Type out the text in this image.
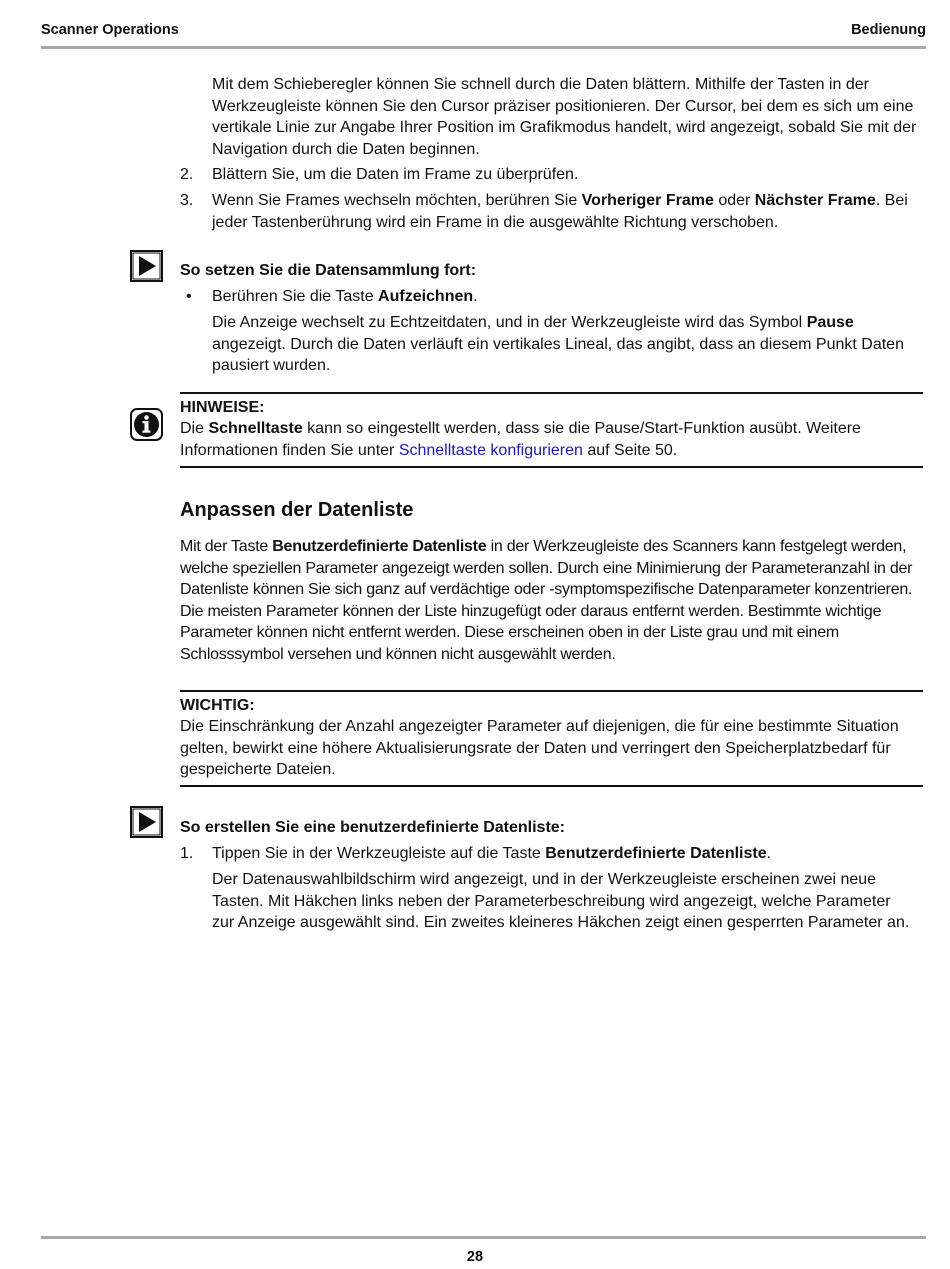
Scanner Operations	Bedienung

Mit dem Schieberegler können Sie schnell durch die Daten blättern. Mithilfe der Tasten in der Werkzeugleiste können Sie den Cursor präziser positionieren. Der Cursor, bei dem es sich um eine vertikale Linie zur Angabe Ihrer Position im Grafikmodus handelt, wird angezeigt, sobald Sie mit der Navigation durch die Daten beginnen.

2. Blättern Sie, um die Daten im Frame zu überprüfen.

3. Wenn Sie Frames wechseln möchten, berühren Sie Vorheriger Frame oder Nächster Frame. Bei jeder Tastenberührung wird ein Frame in die ausgewählte Richtung verschoben.

So setzen Sie die Datensammlung fort:

• Berühren Sie die Taste Aufzeichnen.

Die Anzeige wechselt zu Echtzeitdaten, und in der Werkzeugleiste wird das Symbol Pause angezeigt. Durch die Daten verläuft ein vertikales Lineal, das angibt, dass an diesem Punkt Daten pausiert wurden.

HINWEISE:

Die Schnelltaste kann so eingestellt werden, dass sie die Pause/Start-Funktion ausübt. Weitere Informationen finden Sie unter Schnelltaste konfigurieren auf Seite 50.

Anpassen der Datenliste

Mit der Taste Benutzerdefinierte Datenliste in der Werkzeugleiste des Scanners kann festgelegt werden, welche speziellen Parameter angezeigt werden sollen. Durch eine Minimierung der Parameteranzahl in der Datenliste können Sie sich ganz auf verdächtige oder -symptomspezifische Datenparameter konzentrieren. Die meisten Parameter können der Liste hinzugefügt oder daraus entfernt werden. Bestimmte wichtige Parameter können nicht entfernt werden. Diese erscheinen oben in der Liste grau und mit einem Schlosssymbol versehen und können nicht ausgewählt werden.

WICHTIG:

Die Einschränkung der Anzahl angezeigter Parameter auf diejenigen, die für eine bestimmte Situation gelten, bewirkt eine höhere Aktualisierungsrate der Daten und verringert den Speicherplatzbedarf für gespeicherte Dateien.

So erstellen Sie eine benutzerdefinierte Datenliste:

1. Tippen Sie in der Werkzeugleiste auf die Taste Benutzerdefinierte Datenliste.

Der Datenauswahlbildschirm wird angezeigt, und in der Werkzeugleiste erscheinen zwei neue Tasten. Mit Häkchen links neben der Parameterbeschreibung wird angezeigt, welche Parameter zur Anzeige ausgewählt sind. Ein zweites kleineres Häkchen zeigt einen gesperrten Parameter an.

28
